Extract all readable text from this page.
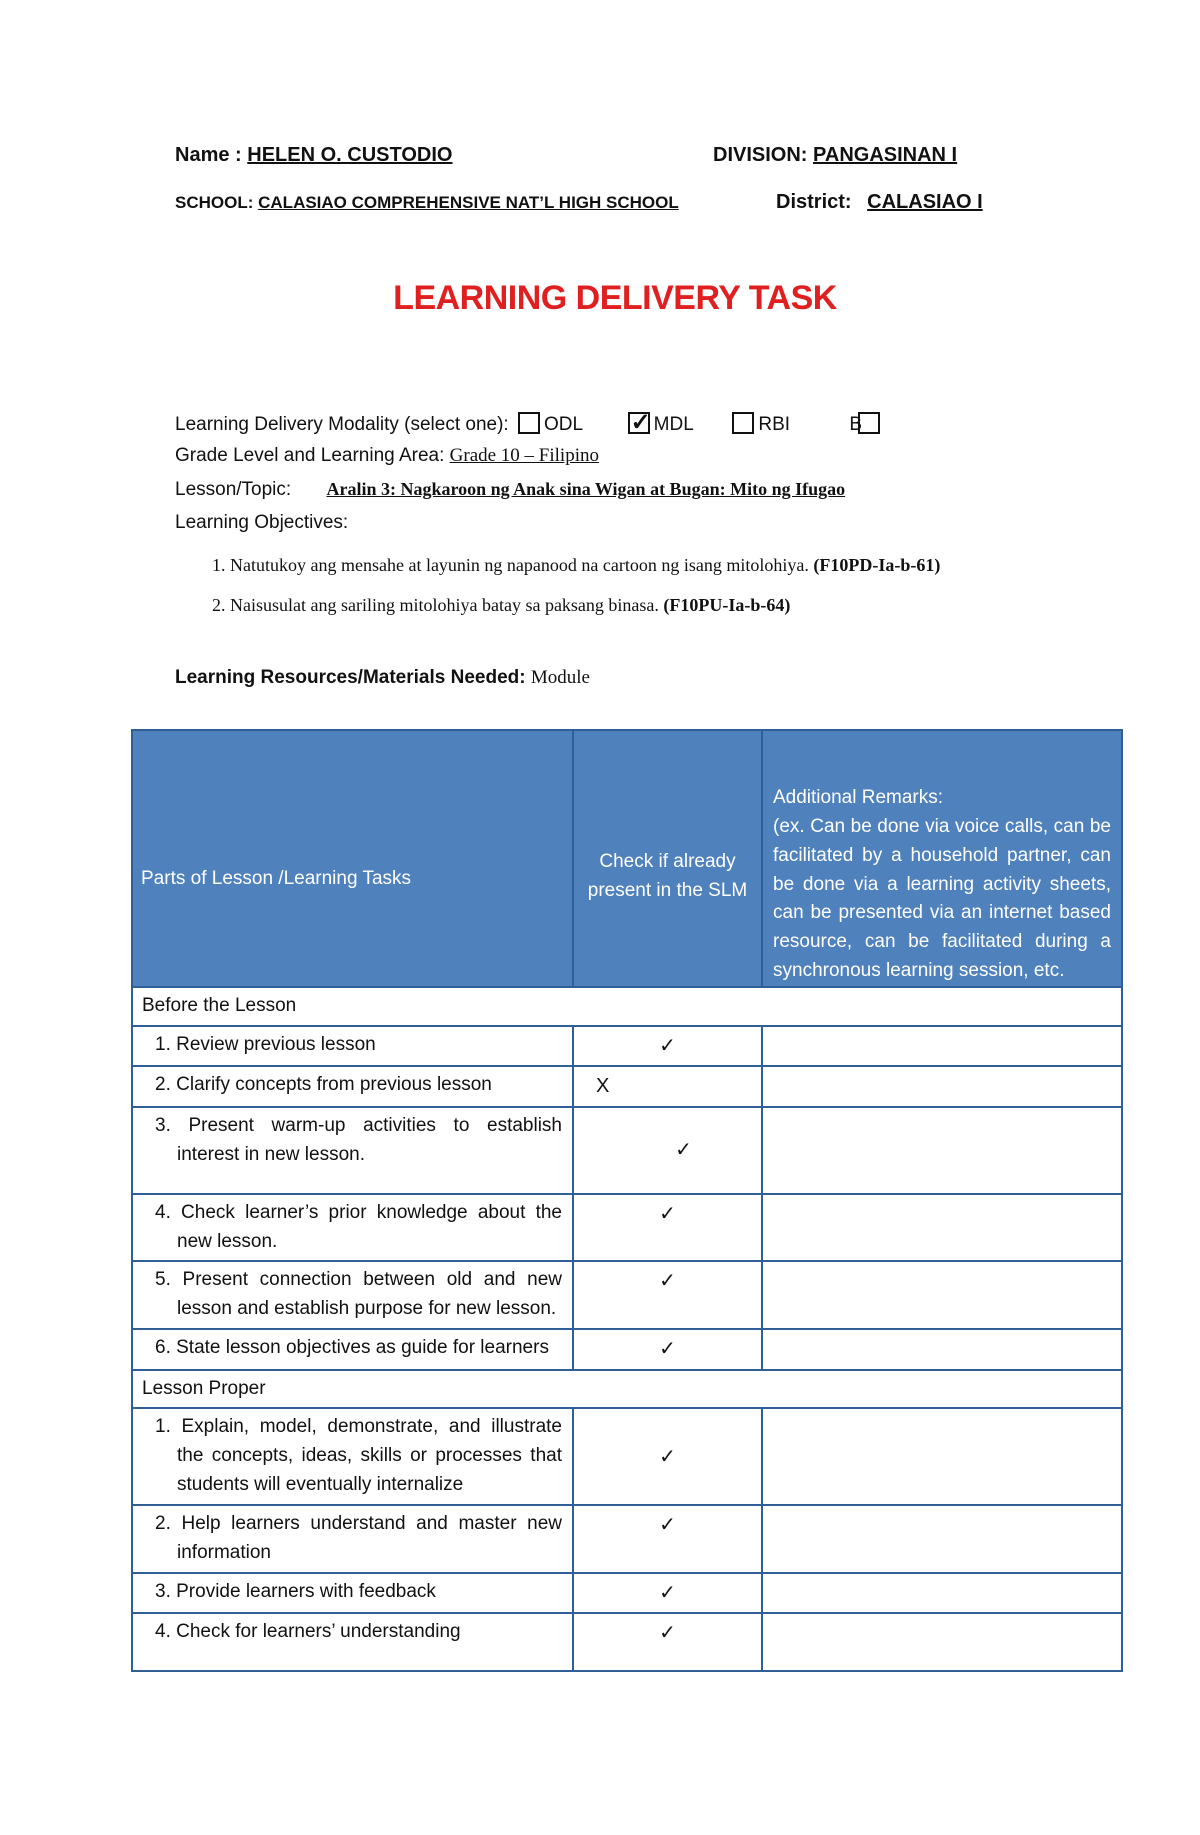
Name : HELEN O. CUSTODIO	DIVISION: PANGASINAN I
SCHOOL: CALASIAO COMPREHENSIVE NAT’L HIGH SCHOOL	District: CALASIAO I
LEARNING DELIVERY TASK
Learning Delivery Modality (select one): ODL ✓	MDL	RBI	B
Grade Level and Learning Area: Grade 10 – Filipino
Lesson/Topic: Aralin 3: Nagkaroon ng Anak sina Wigan at Bugan: Mito ng Ifugao
Learning Objectives:
1. Natutukoy ang mensahe at layunin ng napanood na cartoon ng isang mitolohiya. (F10PD-Ia-b-61)
2. Naisusulat ang sariling mitolohiya batay sa paksang binasa. (F10PU-Ia-b-64)
Learning Resources/Materials Needed: Module
Parts of Lesson /Learning Tasks	Check if already present in the SLM	Additional Remarks:
(ex. Can be done via voice calls, can be facilitated by a household partner, can be done via a learning activity sheets, can be presented via an internet based resource, can be facilitated during a synchronous learning session, etc.

Before the Lesson		
1. Review previous lesson	✓	
2. Clarify concepts from previous lesson	X	
3. Present warm-up activities to establish interest in new lesson.	✓	
4. Check learner’s prior knowledge about the new lesson.	✓	
5. Present connection between old and new lesson and establish purpose for new lesson.	✓	
6. State lesson objectives as guide for learners	✓	
Lesson Proper		
1. Explain, model, demonstrate, and illustrate the concepts, ideas, skills or processes that students will eventually internalize	✓	
2. Help learners understand and master new information	✓	
3. Provide learners with feedback	✓	
4. Check for learners’ understanding	✓	
